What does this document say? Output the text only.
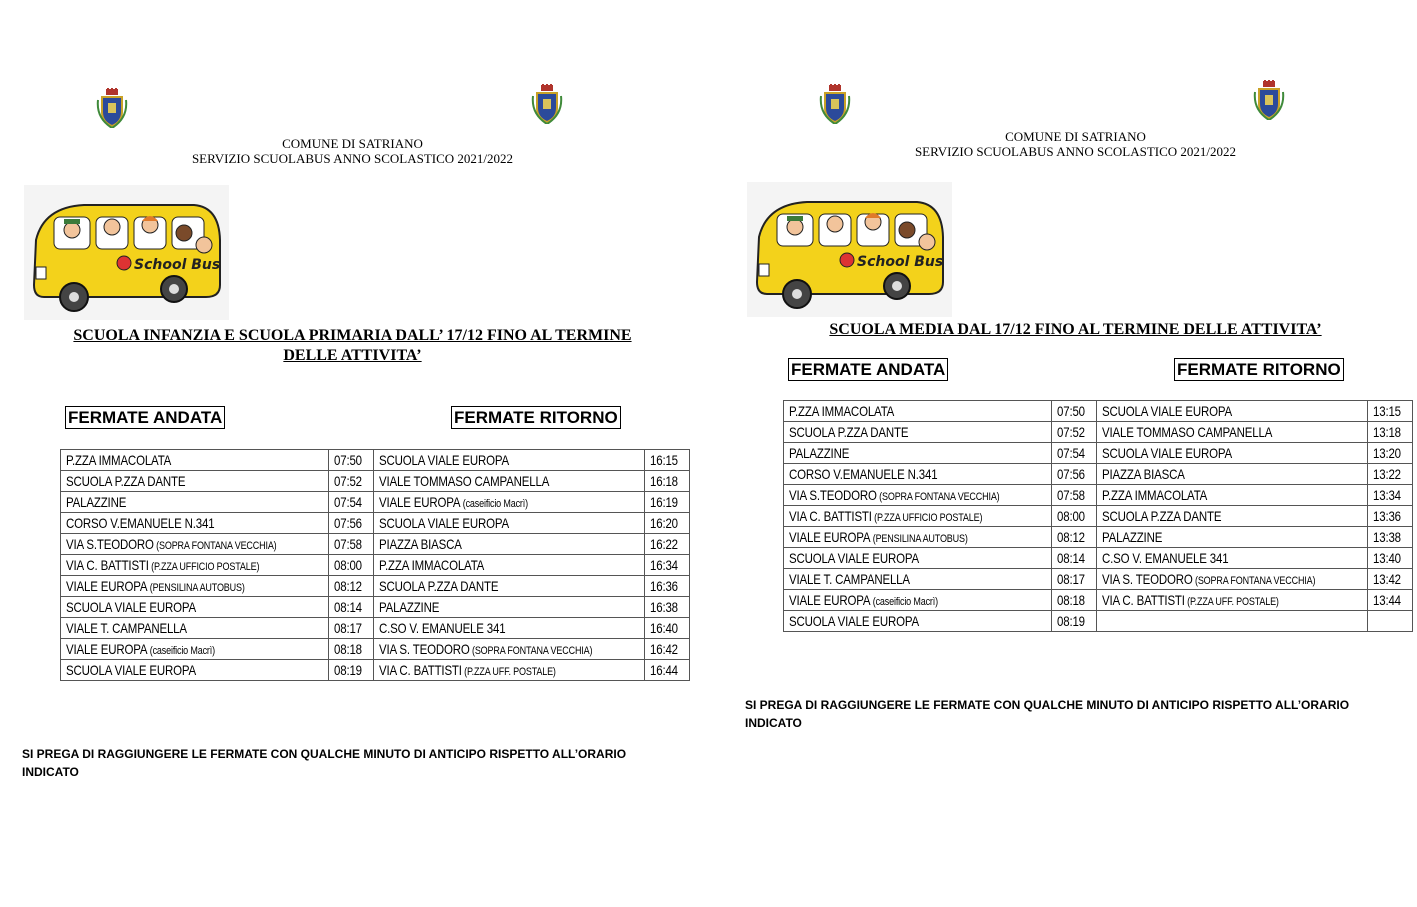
COMUNE DI SATRIANO
SERVIZIO SCUOLABUS ANNO SCOLASTICO 2021/2022
School Bus
SCUOLA INFANZIA E SCUOLA PRIMARIA DALL’ 17/12 FINO AL TERMINE
DELLE ATTIVITA’
FERMATE ANDATA	FERMATE RITORNO
P.ZZA IMMACOLATA	07:50	SCUOLA VIALE EUROPA	16:15
SCUOLA P.ZZA DANTE	07:52	VIALE TOMMASO CAMPANELLA	16:18
PALAZZINE	07:54	VIALE EUROPA (caseificio Macrì)	16:19
CORSO V.EMANUELE N.341	07:56	SCUOLA VIALE EUROPA	16:20
VIA S.TEODORO (SOPRA FONTANA VECCHIA)	07:58	PIAZZA BIASCA	16:22
VIA C. BATTISTI (P.ZZA UFFICIO POSTALE)	08:00	P.ZZA IMMACOLATA	16:34
VIALE EUROPA (PENSILINA AUTOBUS)	08:12	SCUOLA P.ZZA DANTE	16:36
SCUOLA VIALE EUROPA	08:14	PALAZZINE	16:38
VIALE T. CAMPANELLA	08:17	C.SO V. EMANUELE 341	16:40
VIALE EUROPA (caseificio Macrì)	08:18	VIA S. TEODORO (SOPRA FONTANA VECCHIA)	16:42
SCUOLA VIALE EUROPA	08:19	VIA C. BATTISTI (P.ZZA UFF. POSTALE)	16:44
SI PREGA DI RAGGIUNGERE LE FERMATE CON QUALCHE MINUTO DI ANTICIPO RISPETTO ALL’ORARIO
INDICATO
COMUNE DI SATRIANO
SERVIZIO SCUOLABUS ANNO SCOLASTICO 2021/2022
School Bus
SCUOLA MEDIA DAL 17/12 FINO AL TERMINE DELLE ATTIVITA’
FERMATE ANDATA	FERMATE RITORNO
P.ZZA IMMACOLATA	07:50	SCUOLA VIALE EUROPA	13:15
SCUOLA P.ZZA DANTE	07:52	VIALE TOMMASO CAMPANELLA	13:18
PALAZZINE	07:54	SCUOLA VIALE EUROPA	13:20
CORSO V.EMANUELE N.341	07:56	PIAZZA BIASCA	13:22
VIA S.TEODORO (SOPRA FONTANA VECCHIA)	07:58	P.ZZA IMMACOLATA	13:34
VIA C. BATTISTI (P.ZZA UFFICIO POSTALE)	08:00	SCUOLA P.ZZA DANTE	13:36
VIALE EUROPA (PENSILINA AUTOBUS)	08:12	PALAZZINE	13:38
SCUOLA VIALE EUROPA	08:14	C.SO V. EMANUELE 341	13:40
VIALE T. CAMPANELLA	08:17	VIA S. TEODORO (SOPRA FONTANA VECCHIA)	13:42
VIALE EUROPA (caseificio Macrì)	08:18	VIA C. BATTISTI (P.ZZA UFF. POSTALE)	13:44
SCUOLA VIALE EUROPA	08:19		
SI PREGA DI RAGGIUNGERE LE FERMATE CON QUALCHE MINUTO DI ANTICIPO RISPETTO ALL’ORARIO
INDICATO
